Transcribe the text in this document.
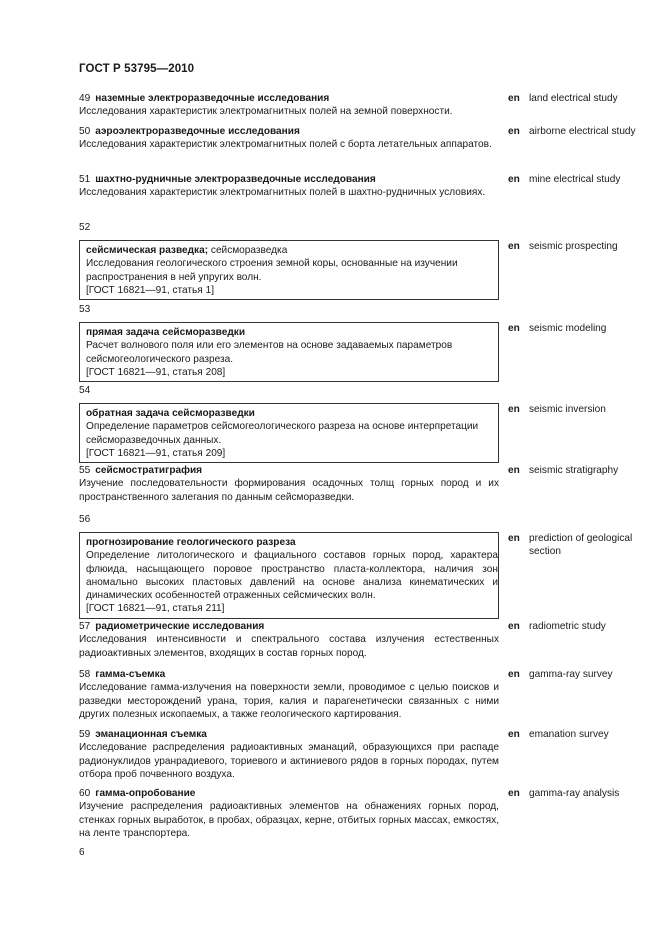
ГОСТ Р 53795—2010
49 наземные электроразведочные исследования
Исследования характеристик электромагнитных полей на земной поверхности.
en land electrical study
50 аэроэлектроразведочные исследования
Исследования характеристик электромагнитных полей с борта летательных аппаратов.
en airborne electrical study
51 шахтно-рудничные электроразведочные исследования
Исследования характеристик электромагнитных полей в шахтно-рудничных условиях.
en mine electrical study
52
сейсмическая разведка; сейсморазведка
Исследования геологического строения земной коры, основанные на изучении распространения в ней упругих волн.
[ГОСТ 16821—91, статья 1]
en seismic prospecting
53
прямая задача сейсморазведки
Расчет волнового поля или его элементов на основе задаваемых параметров сейсмогеологического разреза.
[ГОСТ 16821—91, статья 208]
en seismic modeling
54
обратная задача сейсморазведки
Определение параметров сейсмогеологического разреза на основе интерпретации сейсморазведочных данных.
[ГОСТ 16821—91, статья 209]
en seismic inversion
55 сейсмостратиграфия
Изучение последовательности формирования осадочных толщ горных пород и их пространственного залегания по данным сейсморазведки.
en seismic stratigraphy
56
прогнозирование геологического разреза
Определение литологического и фациального составов горных пород, характера флюида, насыщающего поровое пространство пласта-коллектора, наличия зон аномально высоких пластовых давлений на основе анализа кинематических и динамических особенностей отраженных сейсмических волн.
[ГОСТ 16821—91, статья 211]
en prediction of geological section
57 радиометрические исследования
Исследования интенсивности и спектрального состава излучения естественных радиоактивных элементов, входящих в состав горных пород.
en radiometric study
58 гамма-съемка
Исследование гамма-излучения на поверхности земли, проводимое с целью поисков и разведки месторождений урана, тория, калия и парагенетически связанных с ними других полезных ископаемых, а также геологического картирования.
en gamma-ray survey
59 эманационная съемка
Исследование распределения радиоактивных эманаций, образующихся при распаде радионуклидов уранрадиевого, ториевого и актиниевого рядов в горных породах, путем отбора проб почвенного воздуха.
en emanation survey
60 гамма-опробование
Изучение распределения радиоактивных элементов на обнажениях горных пород, стенках горных выработок, в пробах, образцах, керне, отбитых горных массах, емкостях, на ленте транспортера.
en gamma-ray analysis
6
